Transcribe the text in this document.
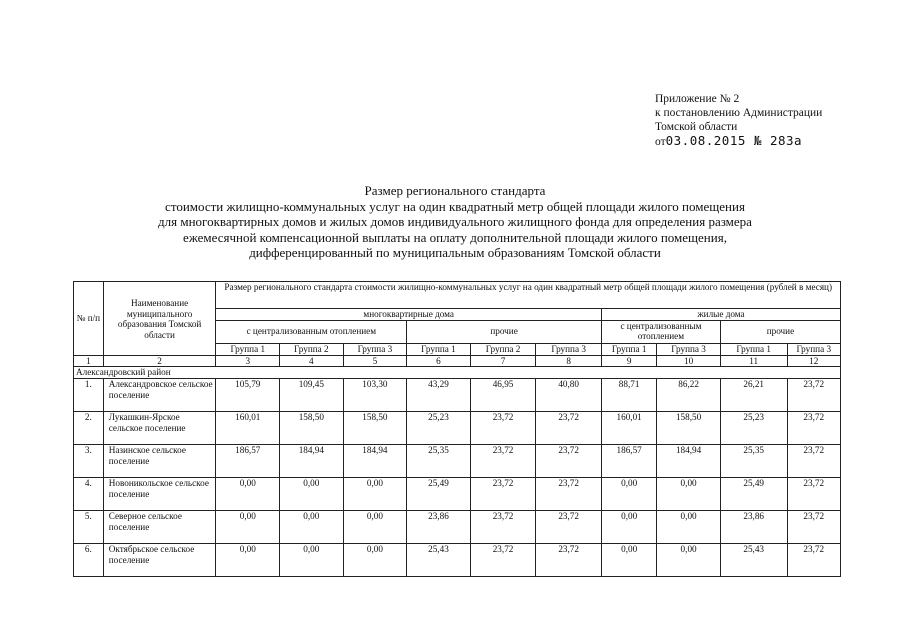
Приложение № 2
к постановлению Администрации
Томской области
от03.08.2015 № 283а
Размер регионального стандарта
стоимости жилищно-коммунальных услуг на один квадратный метр общей площади жилого помещения
для многоквартирных домов и жилых домов индивидуального жилищного фонда для определения размера
ежемесячной компенсационной выплаты на оплату дополнительной площади жилого помещения,
дифференцированный по муниципальным образованиям Томской области
№ п/п	Наименование муниципального образования Томской области	Размер регионального стандарта стоимости жилищно-коммунальных услуг на один квадратный метр общей площади жилого помещения (рублей в месяц)									
		многоквартирные дома						жилые дома			
		с централизованным отоплением			прочие			с централизованным отоплением		прочие	
		Группа 1	Группа 2	Группа 3	Группа 1	Группа 2	Группа 3	Группа 1	Группа 3	Группа 1	Группа 3
1	2	3	4	5	6	7	8	9	10	11	12
Александровский район											
1.	Александровское сельское поселение	105,79	109,45	103,30	43,29	46,95	40,80	88,71	86,22	26,21	23,72
2.	Лукашкин-Ярское сельское поселение	160,01	158,50	158,50	25,23	23,72	23,72	160,01	158,50	25,23	23,72
3.	Назинское сельское поселение	186,57	184,94	184,94	25,35	23,72	23,72	186,57	184,94	25,35	23,72
4.	Новоникольское сельское поселение	0,00	0,00	0,00	25,49	23,72	23,72	0,00	0,00	25,49	23,72
5.	Северное сельское поселение	0,00	0,00	0,00	23,86	23,72	23,72	0,00	0,00	23,86	23,72
6.	Октябрьское сельское поселение	0,00	0,00	0,00	25,43	23,72	23,72	0,00	0,00	25,43	23,72
